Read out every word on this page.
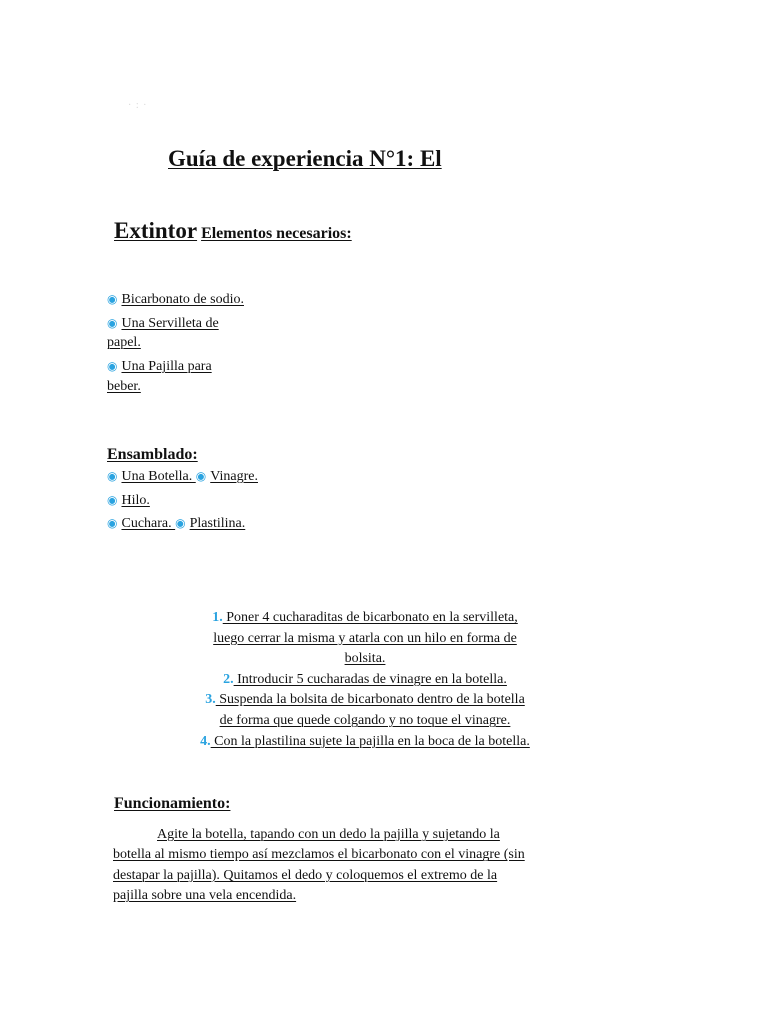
· : ·
Guía de experiencia N°1: El
Extintor Elementos necesarios:
◉ Bicarbonato de sodio.
◉ Una Servilleta de
papel.
◉ Una Pajilla para
beber.
Ensamblado:
◉ Una Botella. ◉ Vinagre.
◉ Hilo.
◉ Cuchara. ◉ Plastilina.
1. Poner 4 cucharaditas de bicarbonato en la servilleta,
luego cerrar la misma y atarla con un hilo en forma de
bolsita.
2. Introducir 5 cucharadas de vinagre en la botella.
3. Suspenda la bolsita de bicarbonato dentro de la botella
de forma que quede colgando y no toque el vinagre.
4. Con la plastilina sujete la pajilla en la boca de la botella.
Funcionamiento:
Agite la botella, tapando con un dedo la pajilla y sujetando la
botella al mismo tiempo así mezclamos el bicarbonato con el vinagre (sin
destapar la pajilla). Quitamos el dedo y coloquemos el extremo de la
pajilla sobre una vela encendida.
